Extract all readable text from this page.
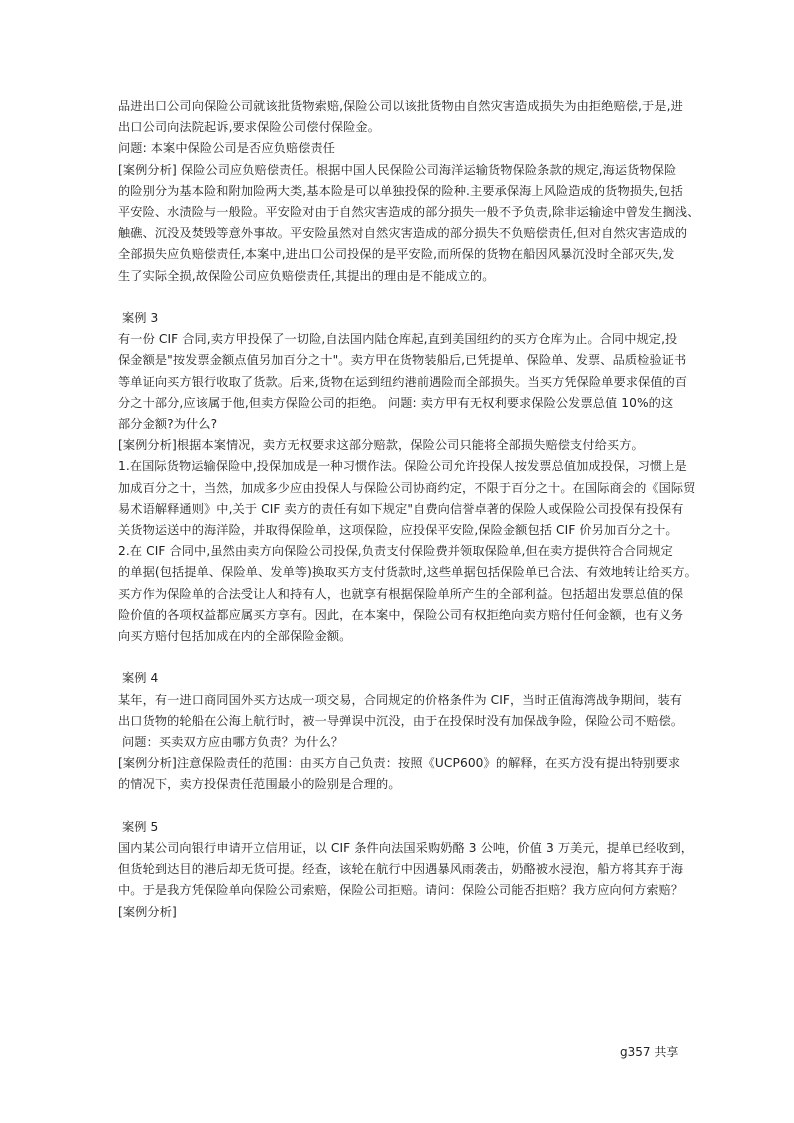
品进出口公司向保险公司就该批货物索赔,保险公司以该批货物由自然灾害造成损失为由拒绝赔偿,于是,进

出口公司向法院起诉,要求保险公司偿付保险金。

问题: 本案中保险公司是否应负赔偿责任

[案例分析] 保险公司应负赔偿责任。根据中国人民保险公司海洋运输货物保险条款的规定,海运货物保险

的险别分为基本险和附加险两大类,基本险是可以单独投保的险种.主要承保海上风险造成的货物损失,包括

平安险、水渍险与一般险。平安险对由于自然灾害造成的部分损失一般不予负责,除非运输途中曾发生搁浅、

触礁、沉没及焚毁等意外事故。平安险虽然对自然灾害造成的部分损失不负赔偿责任,但对自然灾害造成的

全部损失应负赔偿责任,本案中,进出口公司投保的是平安险,而所保的货物在船因风暴沉没时全部灭失,发

生了实际全损,故保险公司应负赔偿责任,其提出的理由是不能成立的。

案例 3

有一份 CIF 合同,卖方甲投保了一切险,自法国内陆仓库起,直到美国纽约的买方仓库为止。合同中规定,投

保金额是"按发票金额点值另加百分之十"。卖方甲在货物装船后,已凭提单、保险单、发票、品质检验证书

等单证向买方银行收取了货款。后来,货物在运到纽约港前遇险而全部损失。当买方凭保险单要求保值的百

分之十部分,应该属于他,但卖方保险公司的拒绝。 问题: 卖方甲有无权利要求保险公发票总值 10%的这

部分金额?为什么?

[案例分析]根据本案情况，卖方无权要求这部分赔款，保险公司只能将全部损失赔偿支付给买方。

1.在国际货物运输保险中,投保加成是一种习惯作法。保险公司允许投保人按发票总值加成投保，习惯上是

加成百分之十，当然，加成多少应由投保人与保险公司协商约定，不限于百分之十。在国际商会的《国际贸

易术语解释通则》中,关于 CIF 卖方的责任有如下规定"自费向信誉卓著的保险人或保险公司投保有投保有

关货物运送中的海洋险，并取得保险单，这项保险，应投保平安险,保险金额包括 CIF 价另加百分之十。

2.在 CIF 合同中,虽然由卖方向保险公司投保,负责支付保险费并领取保险单,但在卖方提供符合合同规定

的单据(包括提单、保险单、发单等)换取买方支付货款时,这些单据包括保险单已合法、有效地转让给买方。

买方作为保险单的合法受让人和持有人，也就享有根据保险单所产生的全部利益。包括超出发票总值的保

险价值的各项权益都应属买方享有。因此，在本案中，保险公司有权拒绝向卖方赔付任何金额，也有义务

向买方赔付包括加成在内的全部保险金额。

案例 4

某年，有一进口商同国外买方达成一项交易，合同规定的价格条件为 CIF，当时正值海湾战争期间，装有

出口货物的轮船在公海上航行时，被一导弹误中沉没，由于在投保时没有加保战争险，保险公司不赔偿。

问题：买卖双方应由哪方负责？为什么？

[案例分析]注意保险责任的范围：由买方自己负责：按照《UCP600》的解释，在买方没有提出特别要求

的情况下，卖方投保责任范围最小的险别是合理的。

案例 5

国内某公司向银行申请开立信用证，以 CIF 条件向法国采购奶酪 3 公吨，价值 3 万美元，提单已经收到，

但货轮到达目的港后却无货可提。经查，该轮在航行中因遇暴风雨袭击，奶酪被水浸泡，船方将其弃于海

中。于是我方凭保险单向保险公司索赔，保险公司拒赔。请问：保险公司能否拒赔？我方应向何方索赔？

[案例分析]

g357 共享
